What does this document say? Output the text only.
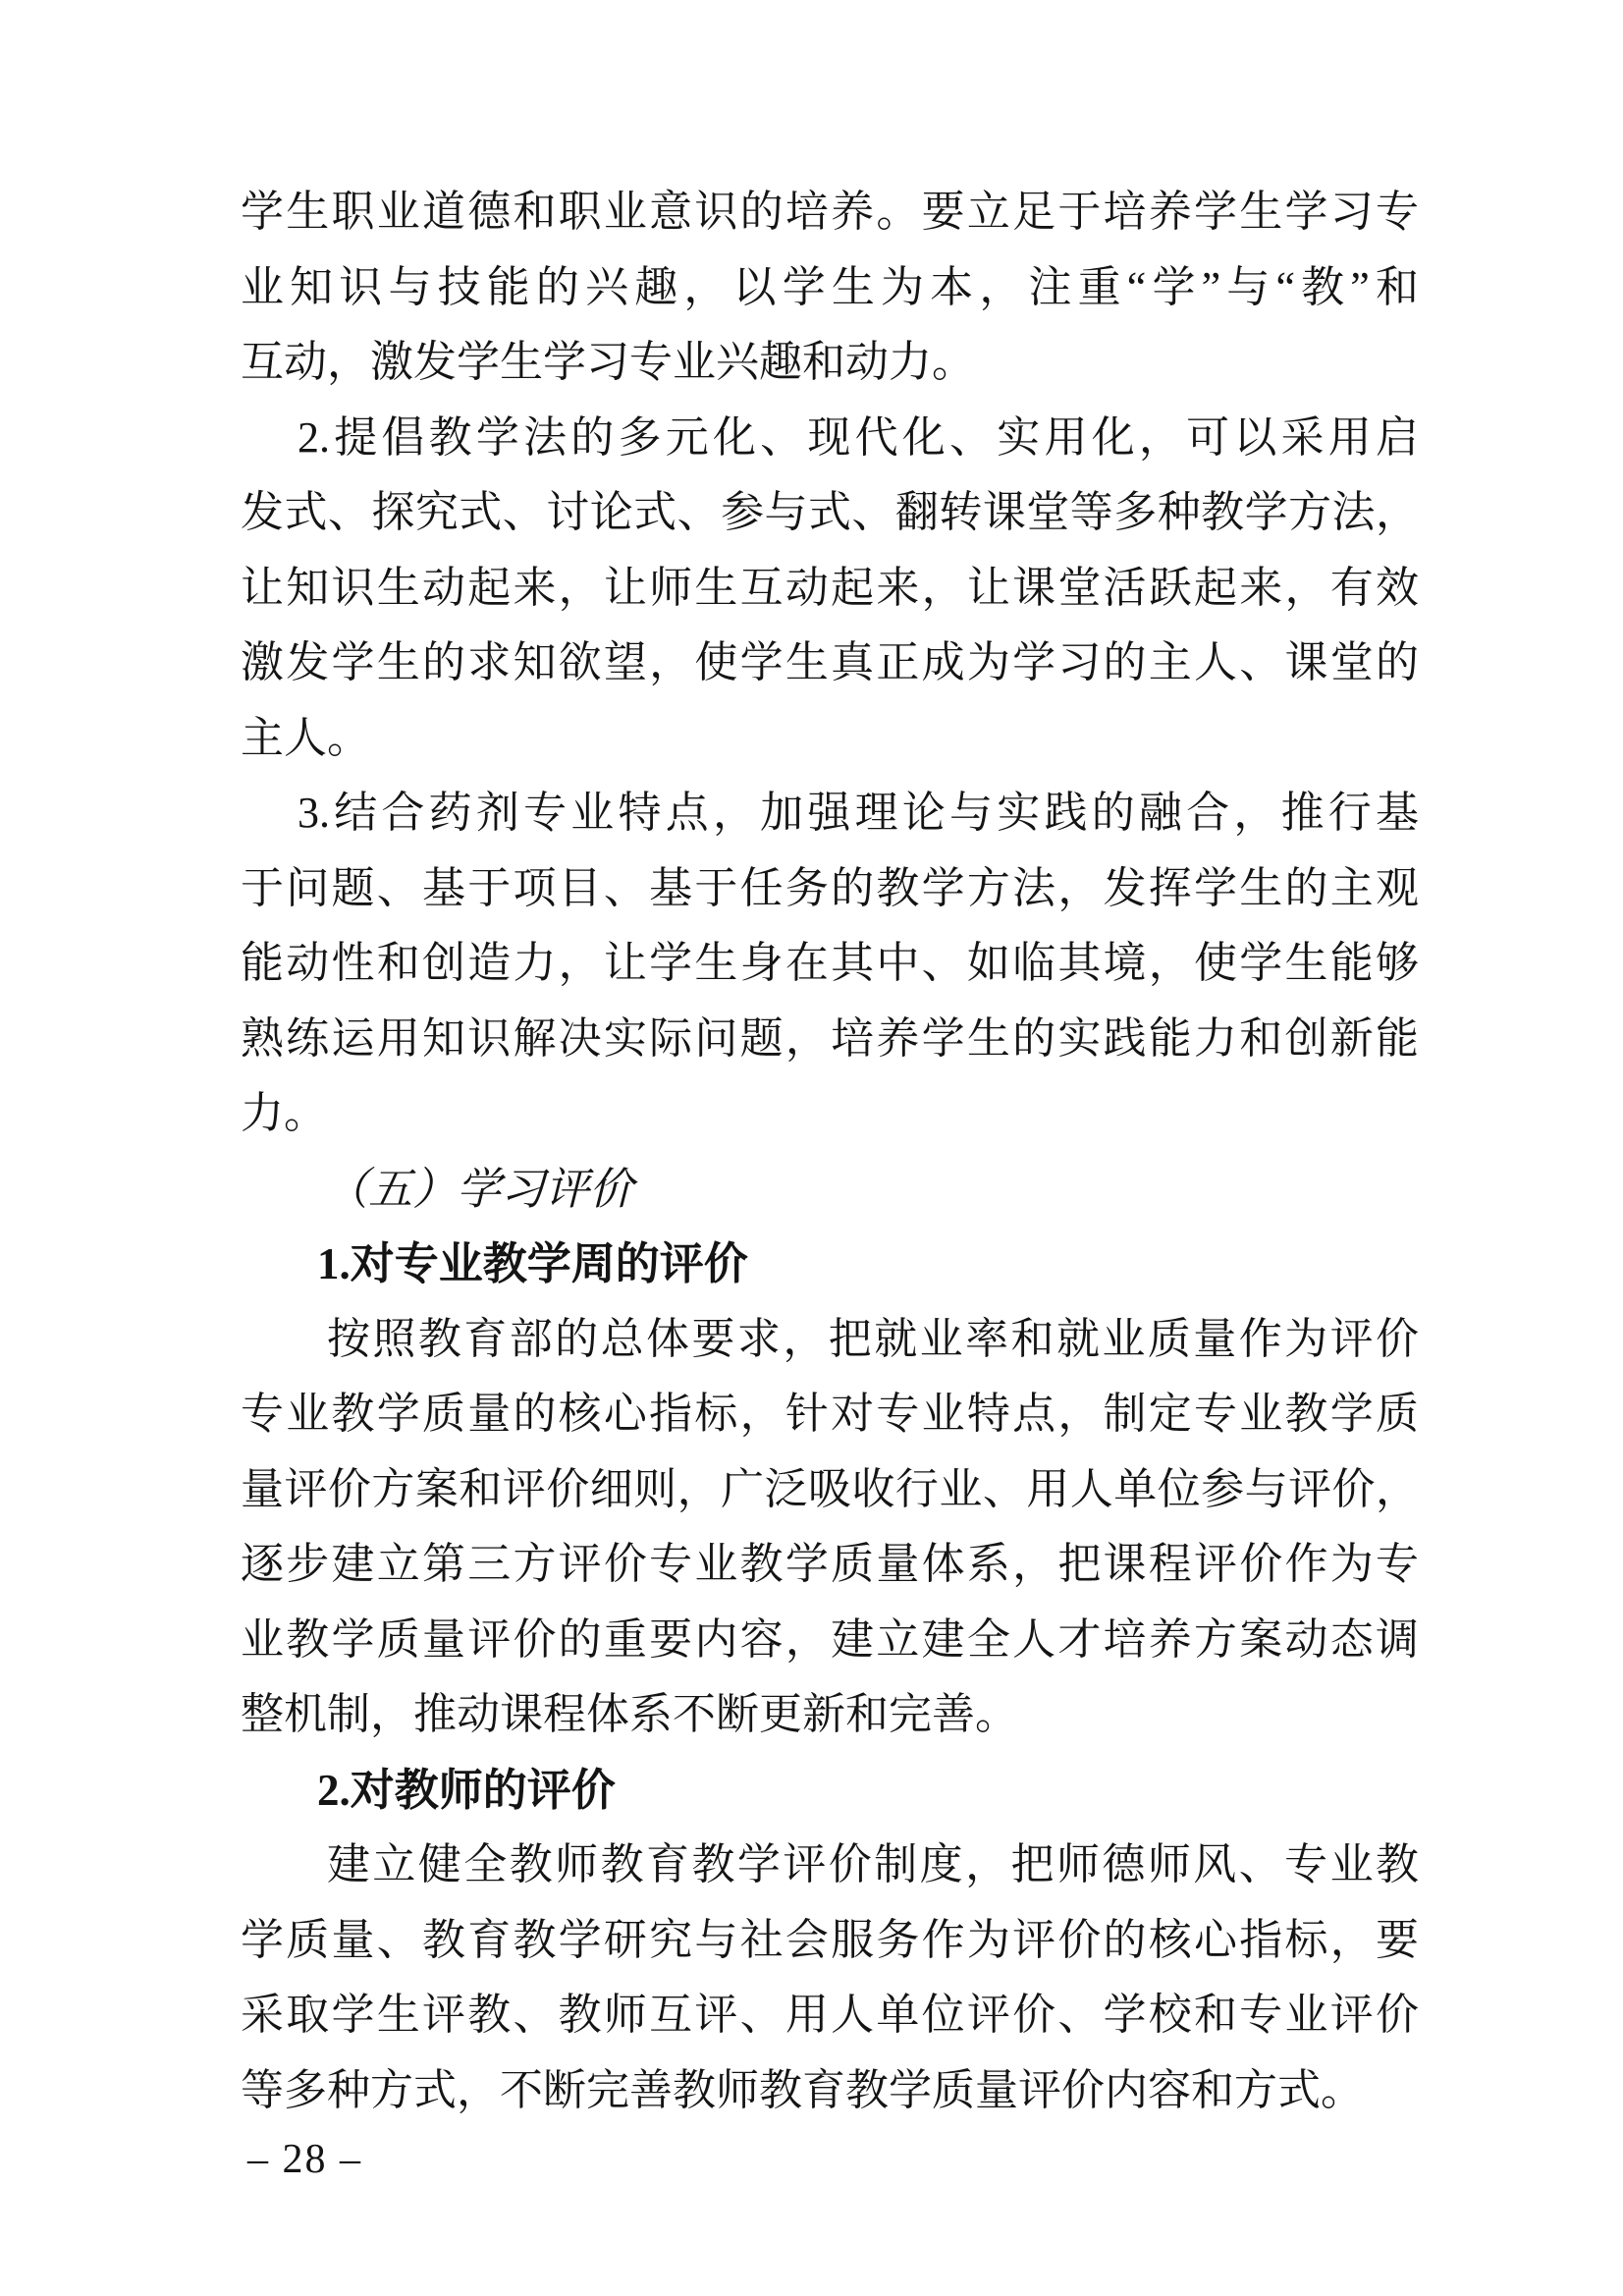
学生职业道德和职业意识的培养。要立足于培养学生学习专
业知识与技能的兴趣，以学生为本，注重“学”与“教”和
互动，激发学生学习专业兴趣和动力。
2.提倡教学法的多元化、现代化、实用化，可以采用启
发式、探究式、讨论式、参与式、翻转课堂等多种教学方法，
让知识生动起来，让师生互动起来，让课堂活跃起来，有效
激发学生的求知欲望，使学生真正成为学习的主人、课堂的
主人。
3.结合药剂专业特点，加强理论与实践的融合，推行基
于问题、基于项目、基于任务的教学方法，发挥学生的主观
能动性和创造力，让学生身在其中、如临其境，使学生能够
熟练运用知识解决实际问题，培养学生的实践能力和创新能
力。
（五）学习评价
1.对专业教学周的评价
按照教育部的总体要求，把就业率和就业质量作为评价
专业教学质量的核心指标，针对专业特点，制定专业教学质
量评价方案和评价细则，广泛吸收行业、用人单位参与评价，
逐步建立第三方评价专业教学质量体系，把课程评价作为专
业教学质量评价的重要内容，建立建全人才培养方案动态调
整机制，推动课程体系不断更新和完善。
2.对教师的评价
建立健全教师教育教学评价制度，把师德师风、专业教
学质量、教育教学研究与社会服务作为评价的核心指标，要
采取学生评教、教师互评、用人单位评价、学校和专业评价
等多种方式，不断完善教师教育教学质量评价内容和方式。
– 28 –
